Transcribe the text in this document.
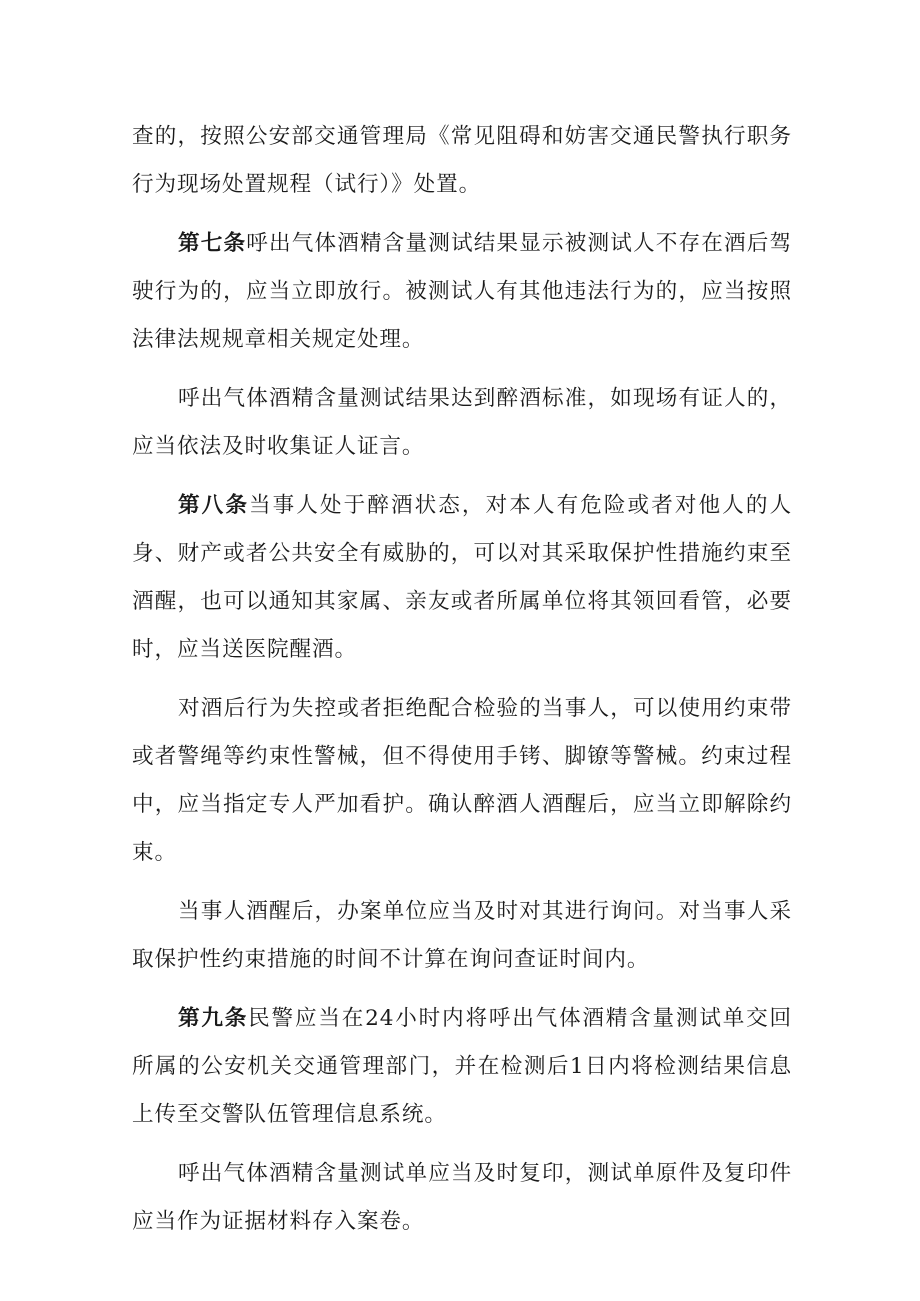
查的，按照公安部交通管理局《常见阻碍和妨害交通民警执行职务行为现场处置规程（试行）》处置。

第七条呼出气体酒精含量测试结果显示被测试人不存在酒后驾驶行为的，应当立即放行。被测试人有其他违法行为的，应当按照法律法规规章相关规定处理。

呼出气体酒精含量测试结果达到醉酒标准，如现场有证人的，应当依法及时收集证人证言。

第八条当事人处于醉酒状态，对本人有危险或者对他人的人身、财产或者公共安全有威胁的，可以对其采取保护性措施约束至酒醒，也可以通知其家属、亲友或者所属单位将其领回看管，必要时，应当送医院醒酒。

对酒后行为失控或者拒绝配合检验的当事人，可以使用约束带或者警绳等约束性警械，但不得使用手铐、脚镣等警械。约束过程中，应当指定专人严加看护。确认醉酒人酒醒后，应当立即解除约束。

当事人酒醒后，办案单位应当及时对其进行询问。对当事人采取保护性约束措施的时间不计算在询问查证时间内。

第九条民警应当在24小时内将呼出气体酒精含量测试单交回所属的公安机关交通管理部门，并在检测后1日内将检测结果信息上传至交警队伍管理信息系统。

呼出气体酒精含量测试单应当及时复印，测试单原件及复印件应当作为证据材料存入案卷。
